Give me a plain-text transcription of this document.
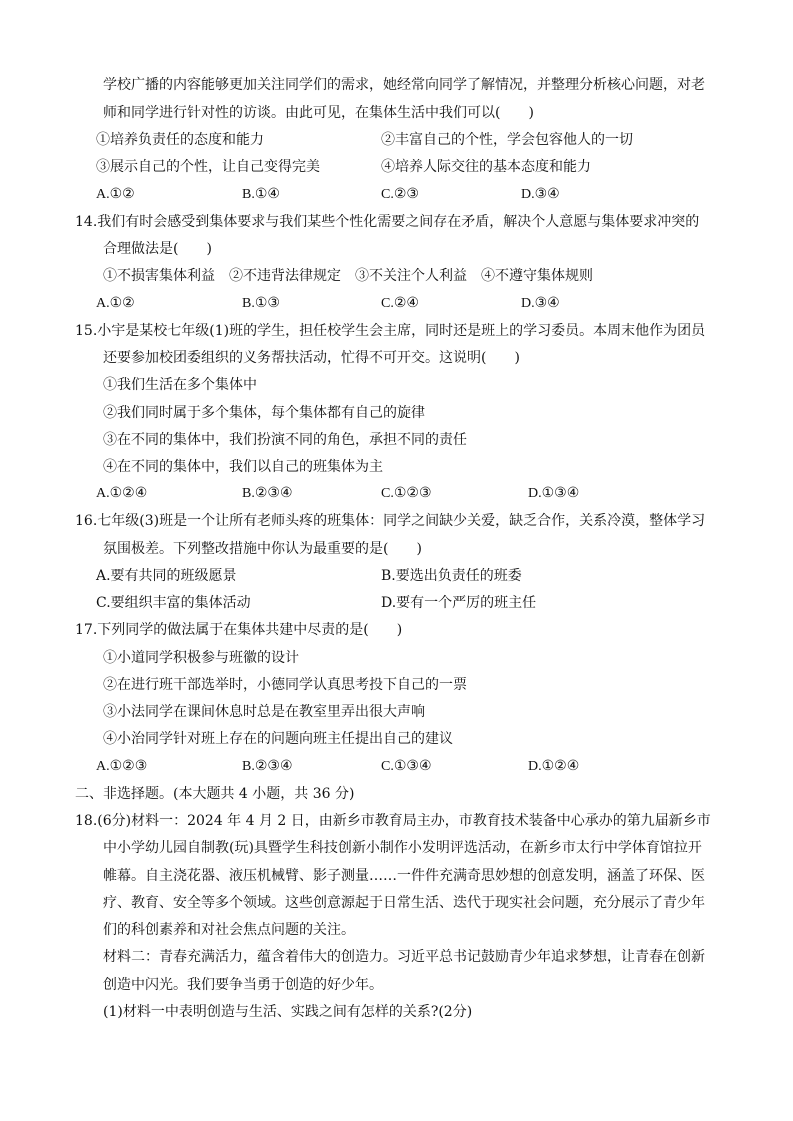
学校广播的内容能够更加关注同学们的需求，她经常向同学了解情况，并整理分析核心问题，对老
师和同学进行针对性的访谈。由此可见，在集体生活中我们可以(　　)
①培养负责任的态度和能力	②丰富自己的个性，学会包容他人的一切
③展示自己的个性，让自己变得完美	④培养人际交往的基本态度和能力
A.①②	B.①④	C.②③	D.③④
14.我们有时会感受到集体要求与我们某些个性化需要之间存在矛盾，解决个人意愿与集体要求冲突的
合理做法是(　　)
①不损害集体利益　②不违背法律规定　③不关注个人利益　④不遵守集体规则
A.①②	B.①③	C.②④	D.③④
15.小宇是某校七年级(1)班的学生，担任校学生会主席，同时还是班上的学习委员。本周末他作为团员
还要参加校团委组织的义务帮扶活动，忙得不可开交。这说明(　　)
①我们生活在多个集体中
②我们同时属于多个集体，每个集体都有自己的旋律
③在不同的集体中，我们扮演不同的角色，承担不同的责任
④在不同的集体中，我们以自己的班集体为主
A.①②④	B.②③④	C.①②③	D.①③④
16.七年级(3)班是一个让所有老师头疼的班集体：同学之间缺少关爱，缺乏合作，关系冷漠，整体学习
氛围极差。下列整改措施中你认为最重要的是(　　)
A.要有共同的班级愿景	B.要选出负责任的班委
C.要组织丰富的集体活动	D.要有一个严厉的班主任
17.下列同学的做法属于在集体共建中尽责的是(　　)
①小道同学积极参与班徽的设计
②在进行班干部选举时，小德同学认真思考投下自己的一票
③小法同学在课间休息时总是在教室里弄出很大声响
④小治同学针对班上存在的问题向班主任提出自己的建议
A.①②③	B.②③④	C.①③④	D.①②④
二、非选择题。(本大题共 4 小题，共 36 分)
18.(6分)材料一：2024 年 4 月 2 日，由新乡市教育局主办，市教育技术装备中心承办的第九届新乡市
中小学幼儿园自制教(玩)具暨学生科技创新小制作小发明评选活动，在新乡市太行中学体育馆拉开
帷幕。自主浇花器、液压机械臂、影子测量……一件件充满奇思妙想的创意发明，涵盖了环保、医
疗、教育、安全等多个领域。这些创意源起于日常生活、迭代于现实社会问题，充分展示了青少年
们的科创素养和对社会焦点问题的关注。
材料二：青春充满活力，蕴含着伟大的创造力。习近平总书记鼓励青少年追求梦想，让青春在创新
创造中闪光。我们要争当勇于创造的好少年。
(1)材料一中表明创造与生活、实践之间有怎样的关系?(2分)
